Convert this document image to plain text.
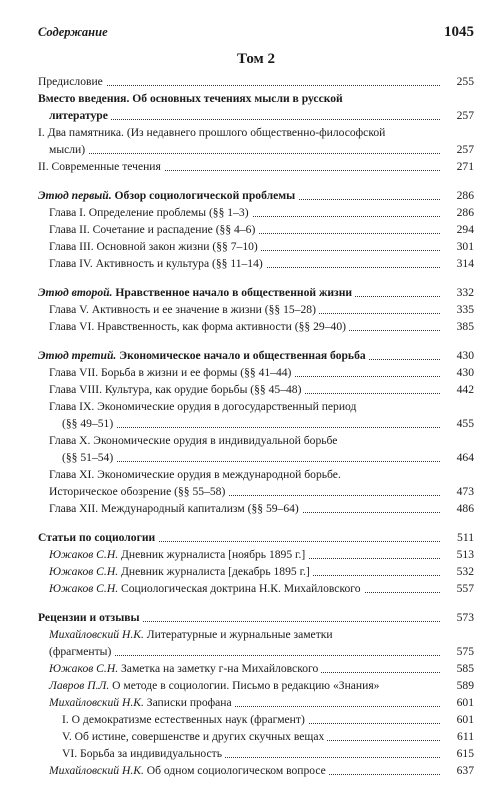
Содержание	1045
Том 2
Предисловие	255
Вместо введения. Об основных течениях мысли в русской
литературе	257
I. Два памятника. (Из недавнего прошлого общественно-философской
мысли)	257
II. Современные течения	271
Этюд первый. Обзор социологической проблемы	286
Глава I. Определение проблемы (§§ 1–3)	286
Глава II. Сочетание и распадение (§§ 4–6)	294
Глава III. Основной закон жизни (§§ 7–10)	301
Глава IV. Активность и культура (§§ 11–14)	314
Этюд второй. Нравственное начало в общественной жизни	332
Глава V. Активность и ее значение в жизни (§§ 15–28)	335
Глава VI. Нравственность, как форма активности (§§ 29–40)	385
Этюд третий. Экономическое начало и общественная борьба	430
Глава VII. Борьба в жизни и ее формы (§§ 41–44)	430
Глава VIII. Культура, как орудие борьбы (§§ 45–48)	442
Глава IX. Экономические орудия в догосударственный период
(§§ 49–51)	455
Глава X. Экономические орудия в индивидуальной борьбе
(§§ 51–54)	464
Глава XI. Экономические орудия в международной борьбе.
Историческое обозрение (§§ 55–58)	473
Глава XII. Международный капитализм (§§ 59–64)	486
Статьи по социологии	511
Южаков С.Н. Дневник журналиста [ноябрь 1895 г.]	513
Южаков С.Н. Дневник журналиста [декабрь 1895 г.]	532
Южаков С.Н. Социологическая доктрина Н.К. Михайловского	557
Рецензии и отзывы	573
Михайловский Н.К. Литературные и журнальные заметки
(фрагменты)	575
Южаков С.Н. Заметка на заметку г-на Михайловского	585
Лавров П.Л. О методе в социологии. Письмо в редакцию «Знания»	589
Михайловский Н.К. Записки профана	601
I. О демократизме естественных наук (фрагмент)	601
V. Об истине, совершенстве и других скучных вещах	611
VI. Борьба за индивидуальность	615
Михайловский Н.К. Об одном социологическом вопросе	637
